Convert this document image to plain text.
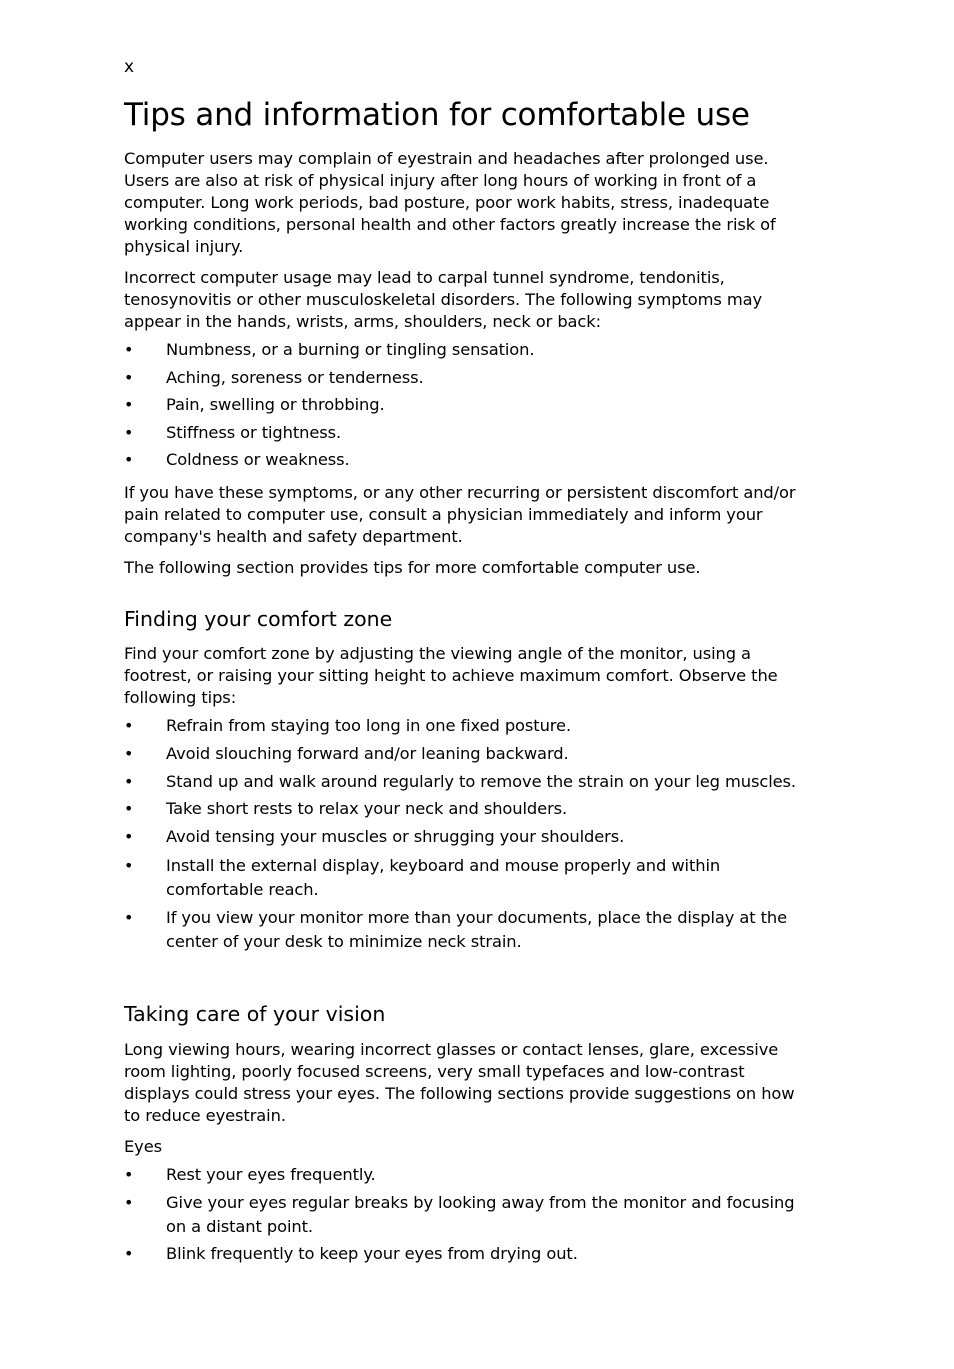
x
Tips and information for comfortable use

Computer users may complain of eyestrain and headaches after prolonged use. Users are also at risk of physical injury after long hours of working in front of a computer. Long work periods, bad posture, poor work habits, stress, inadequate working conditions, personal health and other factors greatly increase the risk of physical injury.

Incorrect computer usage may lead to carpal tunnel syndrome, tendonitis, tenosynovitis or other musculoskeletal disorders. The following symptoms may appear in the hands, wrists, arms, shoulders, neck or back:

• Numbness, or a burning or tingling sensation.
• Aching, soreness or tenderness.
• Pain, swelling or throbbing.
• Stiffness or tightness.
• Coldness or weakness.

If you have these symptoms, or any other recurring or persistent discomfort and/or pain related to computer use, consult a physician immediately and inform your company's health and safety department.

The following section provides tips for more comfortable computer use.

Finding your comfort zone

Find your comfort zone by adjusting the viewing angle of the monitor, using a footrest, or raising your sitting height to achieve maximum comfort. Observe the following tips:

• Refrain from staying too long in one fixed posture.
• Avoid slouching forward and/or leaning backward.
• Stand up and walk around regularly to remove the strain on your leg muscles.
• Take short rests to relax your neck and shoulders.
• Avoid tensing your muscles or shrugging your shoulders.
• Install the external display, keyboard and mouse properly and within comfortable reach.
• If you view your monitor more than your documents, place the display at the center of your desk to minimize neck strain.
Taking care of your vision

Long viewing hours, wearing incorrect glasses or contact lenses, glare, excessive room lighting, poorly focused screens, very small typefaces and low-contrast displays could stress your eyes. The following sections provide suggestions on how to reduce eyestrain.

Eyes

• Rest your eyes frequently.
• Give your eyes regular breaks by looking away from the monitor and focusing on a distant point.
• Blink frequently to keep your eyes from drying out.
